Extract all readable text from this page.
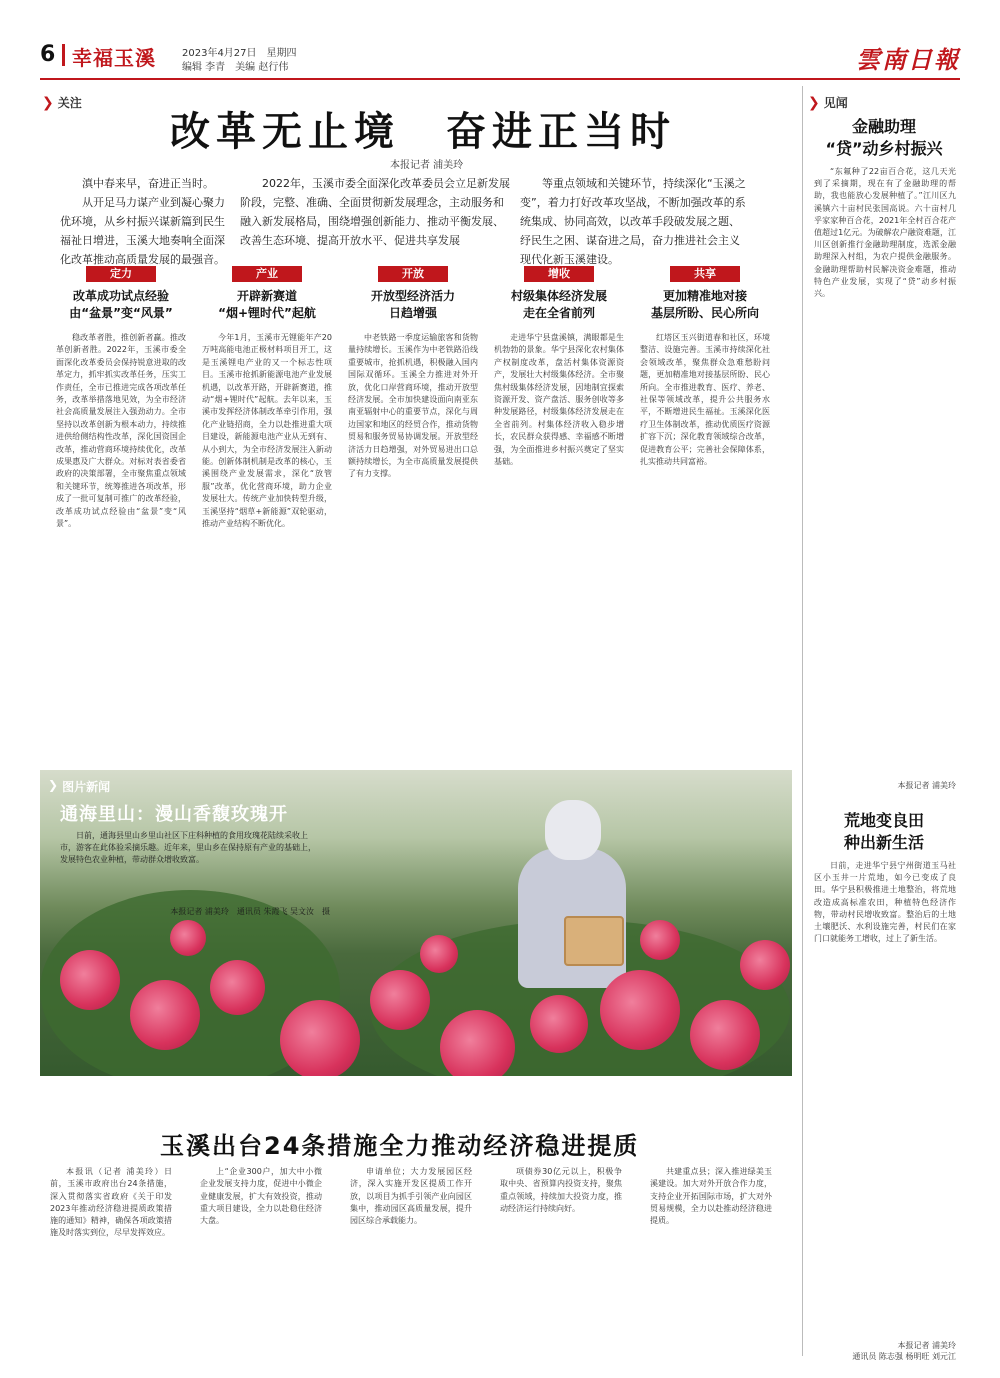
6 幸福玉溪	2023年4月27日　星期四
编辑 李青　美编 赵行伟	雲南日報
❯ 关注
改革无止境　奋进正当时
本报记者 浦美玲

滇中春来早，奋进正当时。

从开足马力谋产业到凝心聚力优环境，从乡村振兴谋新篇到民生福祉日增进，玉溪大地奏响全面深化改革推动高质量发展的最强音。

等重点领域和关键环节，持续深化“玉溪之变”，着力打好改革攻坚战，不断加强改革的系统集成、协同高效，以改革手段破发展之题、纾民生之困、谋奋进之局，奋力推进社会主义现代化新玉溪建设。
2022年，玉溪市委全面深化改革委员会立足新发展阶段，完整、准确、全面贯彻新发展理念，主动服务和融入新发展格局，围绕增强创新能力、推动平衡发展、改善生态环境、提高开放水平、促进共享发展
定力
改革成功试点经验
由“盆景”变“风景”
稳改革者胜，推创新者赢。推改革创新者胜。2022年，玉溪市委全面深化改革委员会保持锐意进取的改革定力，抓牢抓实改革任务，压实工作责任，全市已推进完成各项改革任务，改革举措落地见效，为全市经济社会高质量发展注入强劲动力。全市坚持以改革创新为根本动力，持续推进供给侧结构性改革，深化国资国企改革，推动营商环境持续优化，改革成果惠及广大群众。对标对表省委省政府的决策部署，全市聚焦重点领域和关键环节，统筹推进各项改革，形成了一批可复制可推广的改革经验，改革成功试点经验由“盆景”变“风景”。
产业
开辟新赛道
“烟+锂时代”起航
今年1月，玉溪市无锂能年产20万吨高能电池正极材料项目开工，这是玉溪锂电产业的又一个标志性项目。玉溪市抢抓新能源电池产业发展机遇，以改革开路，开辟新赛道，推动“烟+锂时代”起航。去年以来，玉溪市发挥经济体制改革牵引作用，强化产业链招商，全力以赴推进重大项目建设，新能源电池产业从无到有、从小到大，为全市经济发展注入新动能。创新体制机制是改革的核心，玉溪围绕产业发展需求，深化“放管服”改革，优化营商环境，助力企业发展壮大。传统产业加快转型升级，玉溪坚持“烟草+新能源”双轮驱动，推动产业结构不断优化。
开放
开放型经济活力
日趋增强
中老铁路一季度运输旅客和货物量持续增长。玉溪作为中老铁路沿线重要城市，抢抓机遇，积极融入国内国际双循环。玉溪全力推进对外开放，优化口岸营商环境，推动开放型经济发展。全市加快建设面向南亚东南亚辐射中心的重要节点，深化与周边国家和地区的经贸合作，推动货物贸易和服务贸易协调发展。开放型经济活力日趋增强，对外贸易进出口总额持续增长，为全市高质量发展提供了有力支撑。
增收
村级集体经济发展
走在全省前列
走进华宁县盘溪镇，满眼都是生机勃勃的景象。华宁县深化农村集体产权制度改革，盘活村集体资源资产，发展壮大村级集体经济。全市聚焦村级集体经济发展，因地制宜探索资源开发、资产盘活、服务创收等多种发展路径，村级集体经济发展走在全省前列。村集体经济收入稳步增长，农民群众获得感、幸福感不断增强，为全面推进乡村振兴奠定了坚实基础。
共享
更加精准地对接
基层所盼、民心所向
红塔区玉兴街道春和社区，环境整洁、设施完善。玉溪市持续深化社会领域改革，聚焦群众急难愁盼问题，更加精准地对接基层所盼、民心所向。全市推进教育、医疗、养老、社保等领域改革，提升公共服务水平，不断增进民生福祉。玉溪深化医疗卫生体制改革，推动优质医疗资源扩容下沉；深化教育领域综合改革，促进教育公平；完善社会保障体系，扎实推动共同富裕。
❯ 图片新闻
通海里山：漫山香馥玫瑰开
日前，通海县里山乡里山社区下庄科种植的食用玫瑰花陆续采收上市，游客在此体验采摘乐趣。近年来，里山乡在保持原有产业的基础上，发展特色农业种植，带动群众增收致富。
本报记者 浦美玲　通讯员 朱霞飞 吴文汝　摄
玉溪出台24条措施全力推动经济稳进提质
本报讯（记者 浦美玲）日前，玉溪市政府出台24条措施，深入贯彻落实省政府《关于印发2023年推动经济稳进提质政策措施的通知》精神，确保各项政策措施及时落实到位，尽早发挥效应。
上“企业300户，加大中小微企业发展支持力度，促进中小微企业健康发展，扩大有效投资，推动重大项目建设，全力以赴稳住经济大盘。
申请单位；大力发展园区经济，深入实施开发区提质工作开放，以项目为抓手引领产业向园区集中，推动园区高质量发展，提升园区综合承载能力。
项债券30亿元以上，积极争取中央、省预算内投资支持，聚焦重点领域，持续加大投资力度，推动经济运行持续向好。
共建重点县；深入推进绿美玉溪建设。加大对外开放合作力度，支持企业开拓国际市场，扩大对外贸易规模，全力以赴推动经济稳进提质。
❯ 见闻
金融助理
“贷”动乡村振兴
“东氟种了22亩百合花，这几天光到了采摘期，现在有了金融助理的帮助，我也能放心发展种植了。”江川区九溪镇六十亩村民张国高说。六十亩村几乎家家种百合花，2021年全村百合花产值超过1亿元。为破解农户融资难题，江川区创新推行金融助理制度，选派金融助理深入村组，为农户提供金融服务。金融助理帮助村民解决资金难题，推动特色产业发展，实现了“贷”动乡村振兴。
本报记者 浦美玲
荒地变良田
种出新生活
日前，走进华宁县宁州街道玉马社区小玉井一片荒地，如今已变成了良田。华宁县积极推进土地整治，将荒地改造成高标准农田，种植特色经济作物，带动村民增收致富。整治后的土地土壤肥沃、水利设施完善，村民们在家门口就能务工增收，过上了新生活。
本报记者 浦美玲
通讯员 陈志强 杨明旺 刘元江
